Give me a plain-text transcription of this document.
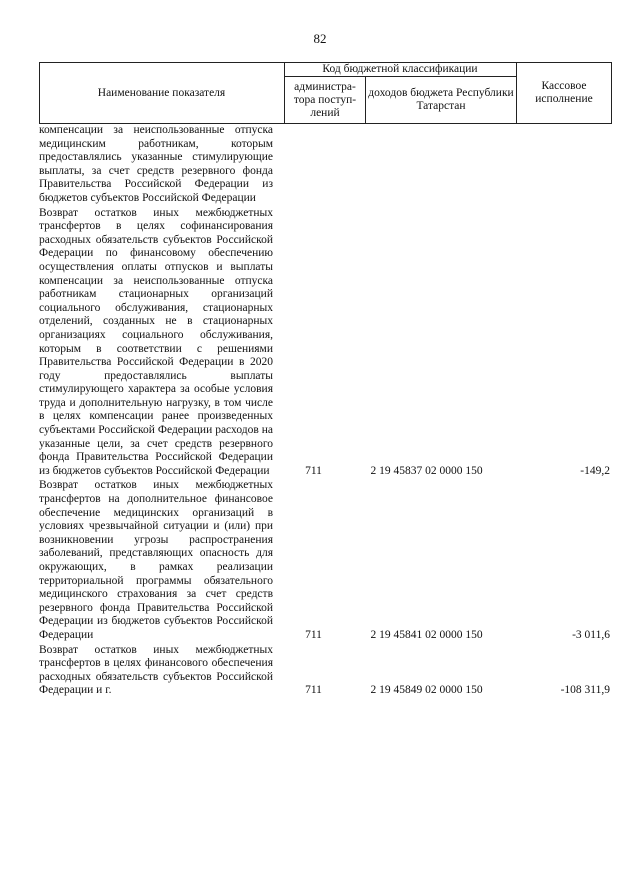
82
Наименование показателя
Код бюджетной классификации
администра-тора поступ-лений
доходов бюджета Республики Татарстан
Кассовое исполнение
компенсации за неиспользованные отпуска медицинским работникам, которым предоставлялись указанные стимулирующие выплаты, за счет средств резервного фонда Правительства Российской Федерации из бюджетов субъектов Российской Федерации
Возврат остатков иных межбюджетных трансфертов в целях софинансирования расходных обязательств субъектов Российской Федерации по финансовому обеспечению осуществления оплаты отпусков и выплаты компенсации за неиспользованные отпуска работникам стационарных организаций социального обслуживания, стационарных отделений, созданных не в стационарных организациях социального обслуживания, которым в соответствии с решениями Правительства Российской Федерации в 2020 году предоставлялись выплаты стимулирующего характера за особые условия труда и дополнительную нагрузку, в том числе в целях компенсации ранее произведенных субъектами Российской Федерации расходов на указанные цели, за счет средств резервного фонда Правительства Российской Федерации из бюджетов субъектов Российской Федерации	711	2 19 45837 02 0000 150	-149,2
Возврат остатков иных межбюджетных трансфертов на дополнительное финансовое обеспечение медицинских организаций в условиях чрезвычайной ситуации и (или) при возникновении угрозы распространения заболеваний, представляющих опасность для окружающих, в рамках реализации территориальной программы обязательного медицинского страхования за счет средств резервного фонда Правительства Российской Федерации из бюджетов субъектов Российской Федерации	711	2 19 45841 02 0000 150	-3 011,6
Возврат остатков иных межбюджетных трансфертов в целях финансового обеспечения расходных обязательств субъектов Российской Федерации и г.	711	2 19 45849 02 0000 150	-108 311,9
